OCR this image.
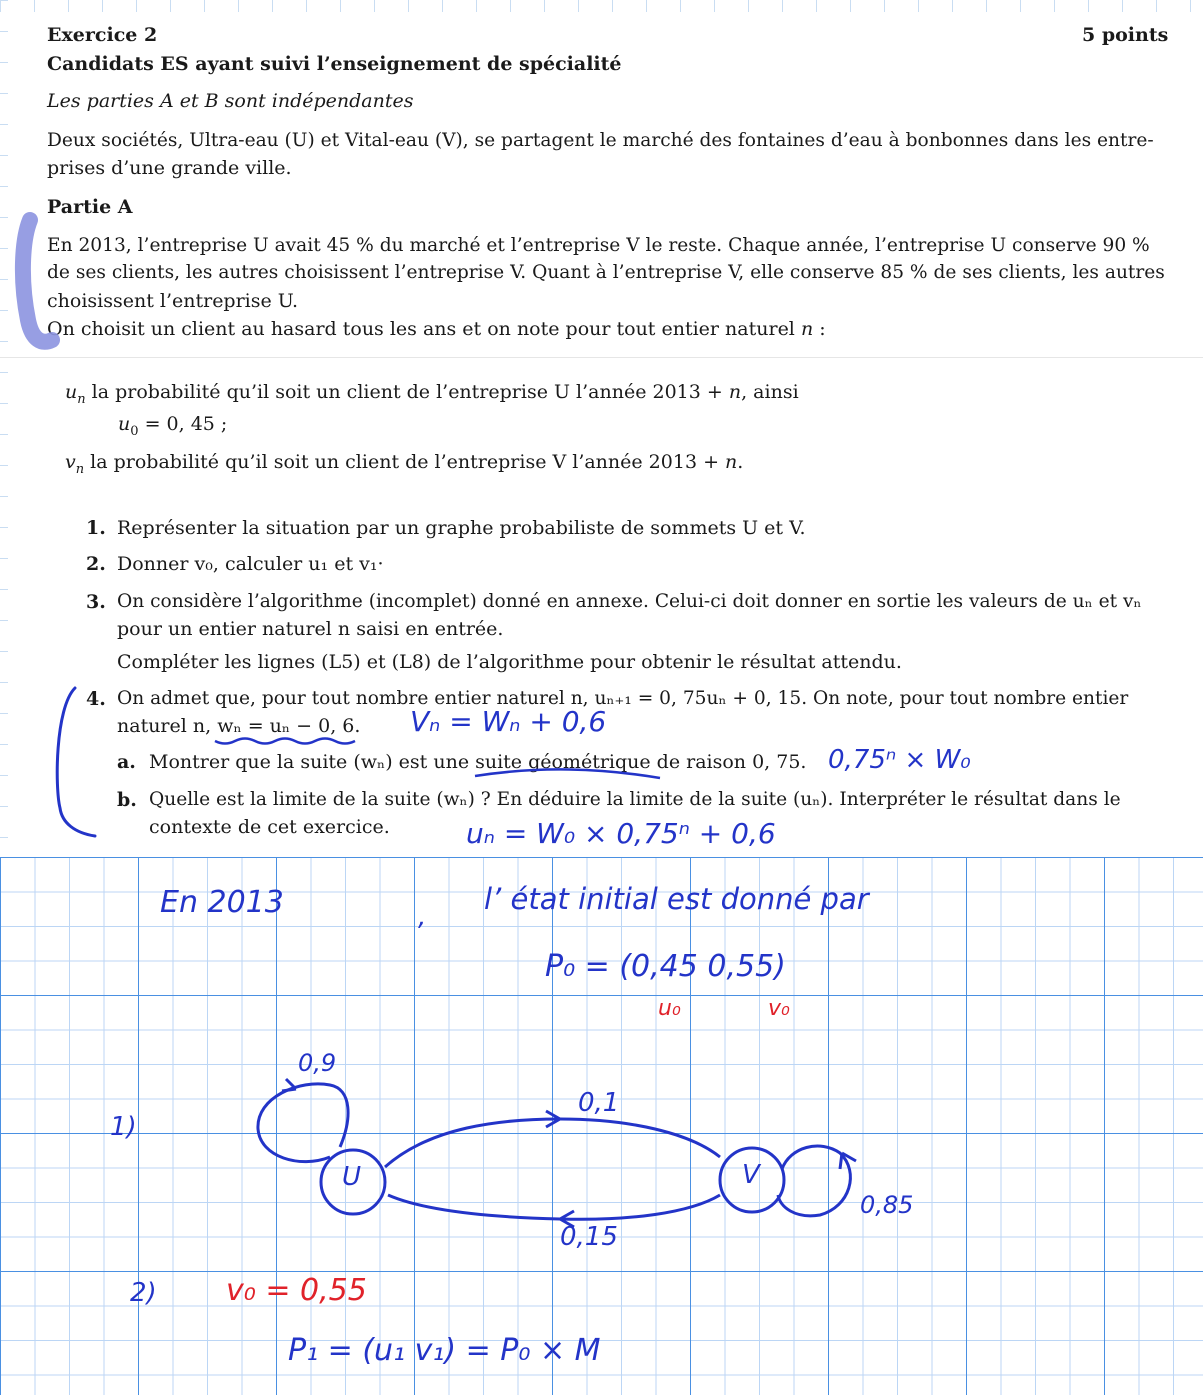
Exercice 2	5 points
Candidats ES ayant suivi l’enseignement de spécialité
Les parties A et B sont indépendantes
Deux sociétés, Ultra-eau (U) et Vital-eau (V), se partagent le marché des fontaines d’eau à bonbonnes dans les entre-
prises d’une grande ville.
Partie A
En 2013, l’entreprise U avait 45 % du marché et l’entreprise V le reste. Chaque année, l’entreprise U conserve 90 %
de ses clients, les autres choisissent l’entreprise V. Quant à l’entreprise V, elle conserve 85 % de ses clients, les autres
choisissent l’entreprise U.
On choisit un client au hasard tous les ans et on note pour tout entier naturel n :
$u_n$ la probabilité qu’il soit un client de l’entreprise U l’année 2013 + n, ainsi
$u_0 = 0$, 45 ;
$v_n$ la probabilité qu’il soit un client de l’entreprise V l’année 2013 + n.
1. Représenter la situation par un graphe probabiliste de sommets U et V.
2. Donner v₀, calculer u₁ et v₁·
3. On considère l’algorithme (incomplet) donné en annexe. Celui-ci doit donner en sortie les valeurs de uₙ et vₙ
pour un entier naturel n saisi en entrée.
Compléter les lignes (L5) et (L8) de l’algorithme pour obtenir le résultat attendu.
4. On admet que, pour tout nombre entier naturel n, uₙ₊₁ = 0, 75uₙ + 0, 15. On note, pour tout nombre entier
naturel n, wₙ = uₙ − 0, 6.
a. Montrer que la suite (wₙ) est une suite géométrique de raison 0, 75.
b. Quelle est la limite de la suite (wₙ) ? En déduire la limite de la suite (uₙ). Interpréter le résultat dans le
contexte de cet exercice.
Vₙ = Wₙ + 0,6
0,75ⁿ × W₀
uₙ = W₀ × 0,75ⁿ + 0,6
En 2013	,
l’ état initial est donné par
P₀ = (0,45 0,55)
u₀	v₀
1)
0,9
0,1
0,15
0,85
U	V
2) v₀ = 0,55
P₁ = (u₁ v₁) = P₀ × M
